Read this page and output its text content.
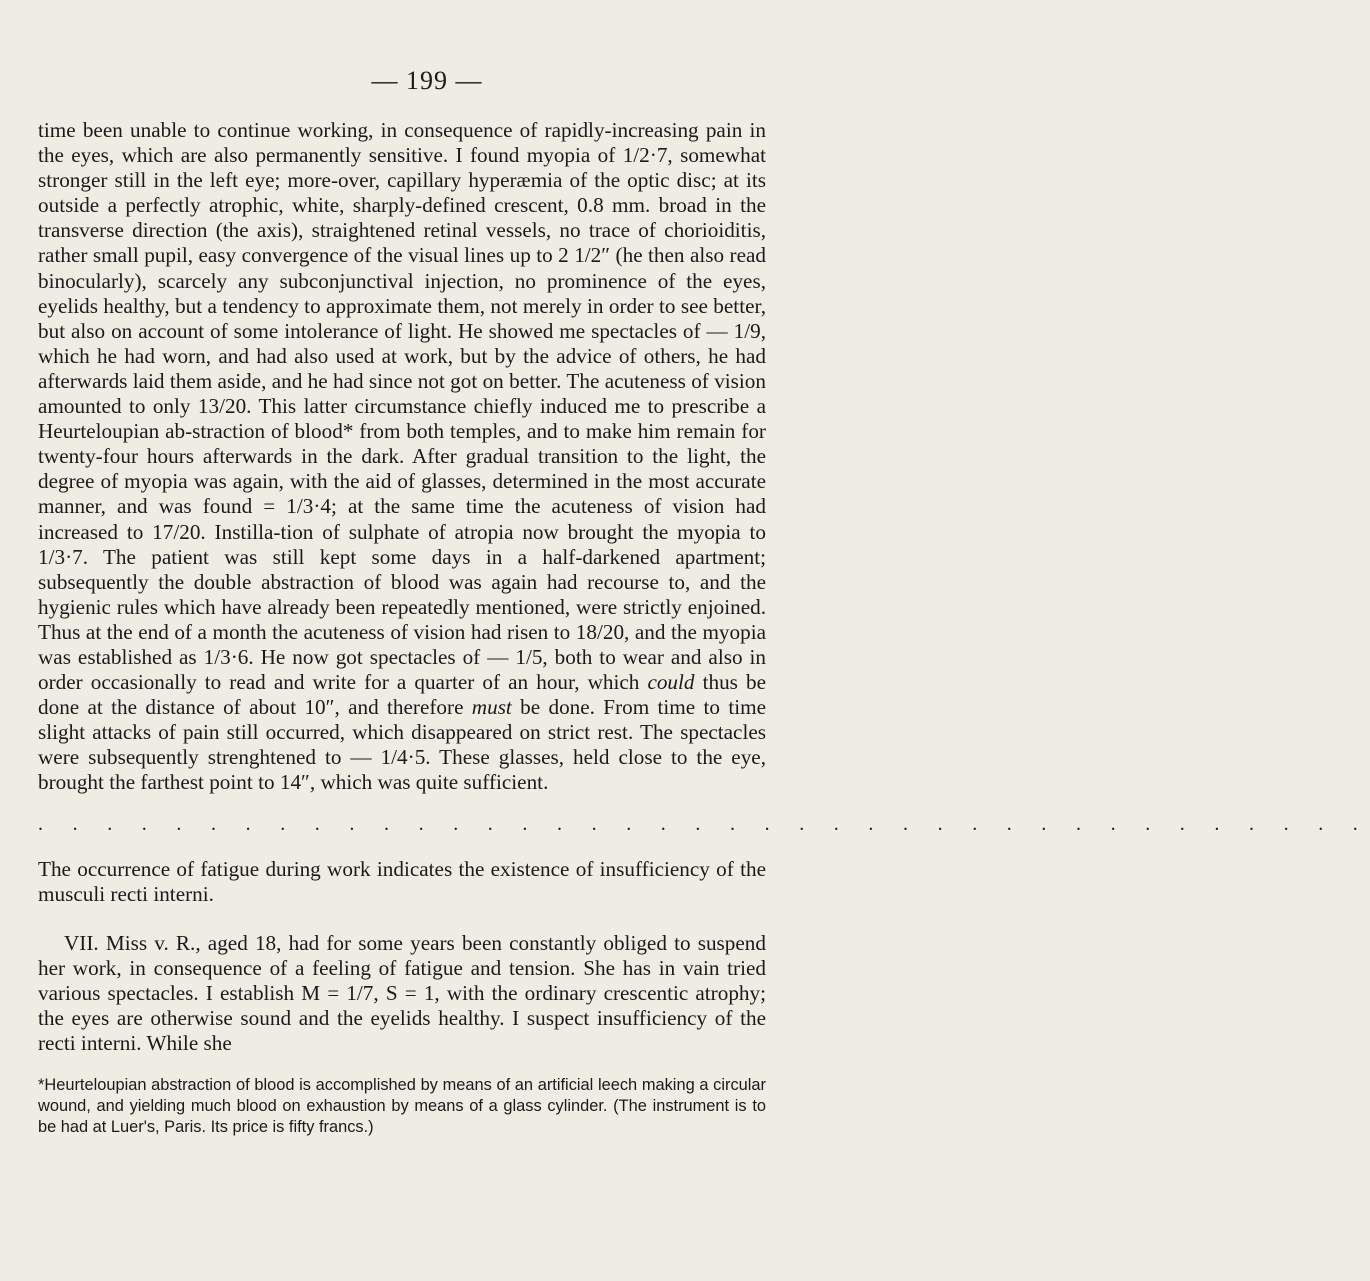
— 199 —

time been unable to continue working, in consequence of rapidly-increasing pain in the eyes, which are also permanently sensitive. I found myopia of 1/2·7, somewhat stronger still in the left eye; more-over, capillary hyperæmia of the optic disc; at its outside a perfectly atrophic, white, sharply-defined crescent, 0.8 mm. broad in the transverse direction (the axis), straightened retinal vessels, no trace of chorioiditis, rather small pupil, easy convergence of the visual lines up to 2 1/2″ (he then also read binocularly), scarcely any subconjunctival injection, no prominence of the eyes, eyelids healthy, but a tendency to approximate them, not merely in order to see better, but also on account of some intolerance of light. He showed me spectacles of — 1/9, which he had worn, and had also used at work, but by the advice of others, he had afterwards laid them aside, and he had since not got on better. The acuteness of vision amounted to only 13/20. This latter circumstance chiefly induced me to prescribe a Heurteloupian ab-straction of blood* from both temples, and to make him remain for twenty-four hours afterwards in the dark. After gradual transition to the light, the degree of myopia was again, with the aid of glasses, determined in the most accurate manner, and was found = 1/3·4; at the same time the acuteness of vision had increased to 17/20. Instilla-tion of sulphate of atropia now brought the myopia to 1/3·7. The patient was still kept some days in a half-darkened apartment; subsequently the double abstraction of blood was again had recourse to, and the hygienic rules which have already been repeatedly mentioned, were strictly enjoined. Thus at the end of a month the acuteness of vision had risen to 18/20, and the myopia was established as 1/3·6. He now got spectacles of — 1/5, both to wear and also in order occasionally to read and write for a quarter of an hour, which could thus be done at the distance of about 10″, and therefore must be done. From time to time slight attacks of pain still occurred, which disappeared on strict rest. The spectacles were subsequently strenghtened to — 1/4·5. These glasses, held close to the eye, brought the farthest point to 14″, which was quite sufficient.

. . . . . . . . . . . . . . . . . . . . . . . . . . . . . . . . . . . . . . .

The occurrence of fatigue during work indicates the existence of insufficiency of the musculi recti interni.

VII. Miss v. R., aged 18, had for some years been constantly obliged to suspend her work, in consequence of a feeling of fatigue and tension. She has in vain tried various spectacles. I establish M = 1/7, S = 1, with the ordinary crescentic atrophy; the eyes are otherwise sound and the eyelids healthy. I suspect insufficiency of the recti interni. While she

*Heurteloupian abstraction of blood is accomplished by means of an artificial leech making a circular wound, and yielding much blood on exhaustion by means of a glass cylinder. (The instrument is to be had at Luer's, Paris. Its price is fifty francs.)
